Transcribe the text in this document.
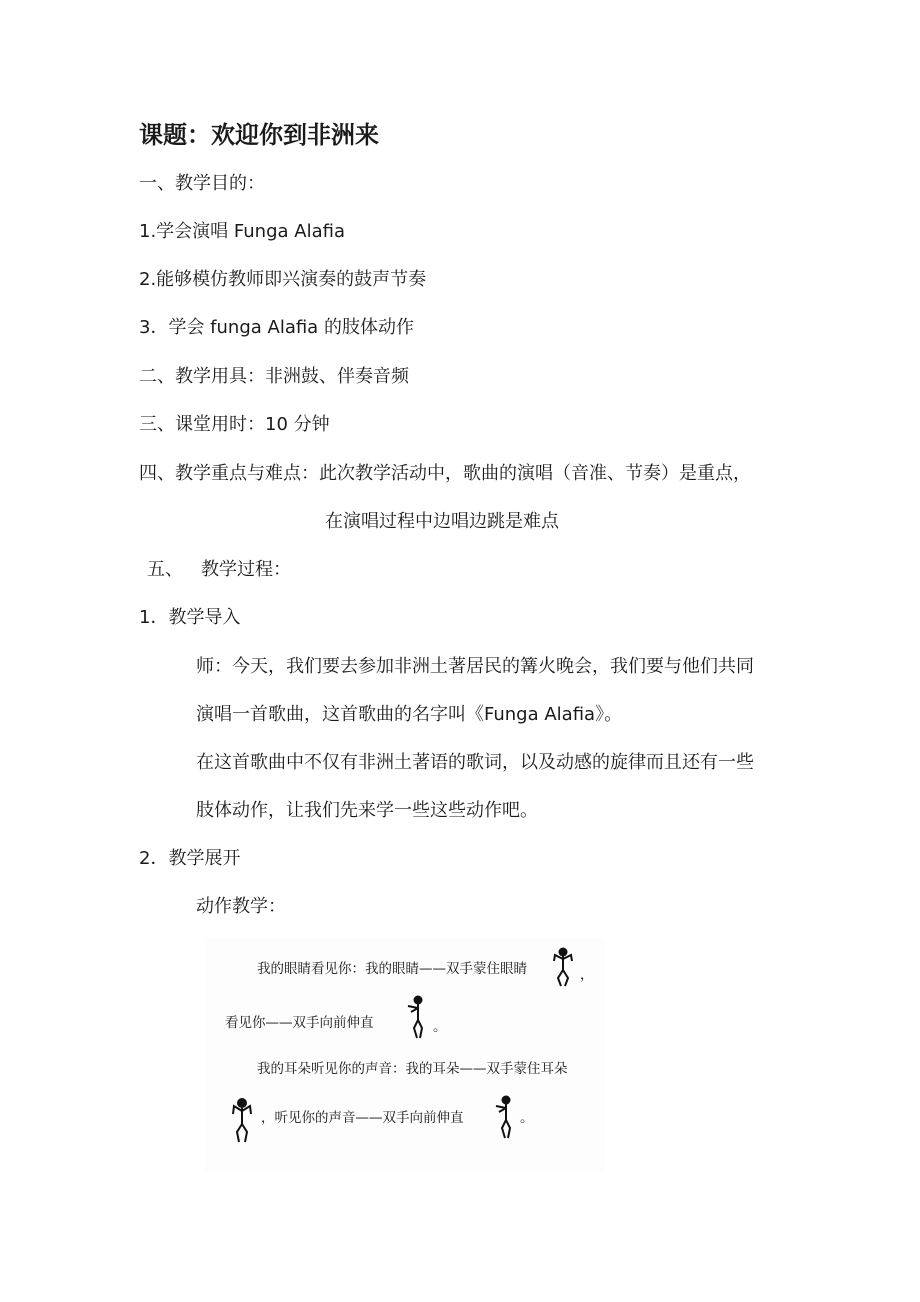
课题：欢迎你到非洲来
一、教学目的：
1.学会演唱 Funga Alafia
2.能够模仿教师即兴演奏的鼓声节奏
3．学会 funga Alafia 的肢体动作
二、教学用具：非洲鼓、伴奏音频
三、课堂用时：10 分钟
四、教学重点与难点：此次教学活动中，歌曲的演唱（音准、节奏）是重点，
在演唱过程中边唱边跳是难点
五、 教学过程：
1．教学导入
师：今天，我们要去参加非洲土著居民的篝火晚会，我们要与他们共同
演唱一首歌曲，这首歌曲的名字叫《Funga Alafia》。
在这首歌曲中不仅有非洲土著语的歌词，以及动感的旋律而且还有一些
肢体动作，让我们先来学一些这些动作吧。
2．教学展开
动作教学：
我的眼睛看见你：我的眼睛——双手蒙住眼睛	，
看见你——双手向前伸直	。
我的耳朵听见你的声音：我的耳朵——双手蒙住耳朵
，听见你的声音——双手向前伸直	。
